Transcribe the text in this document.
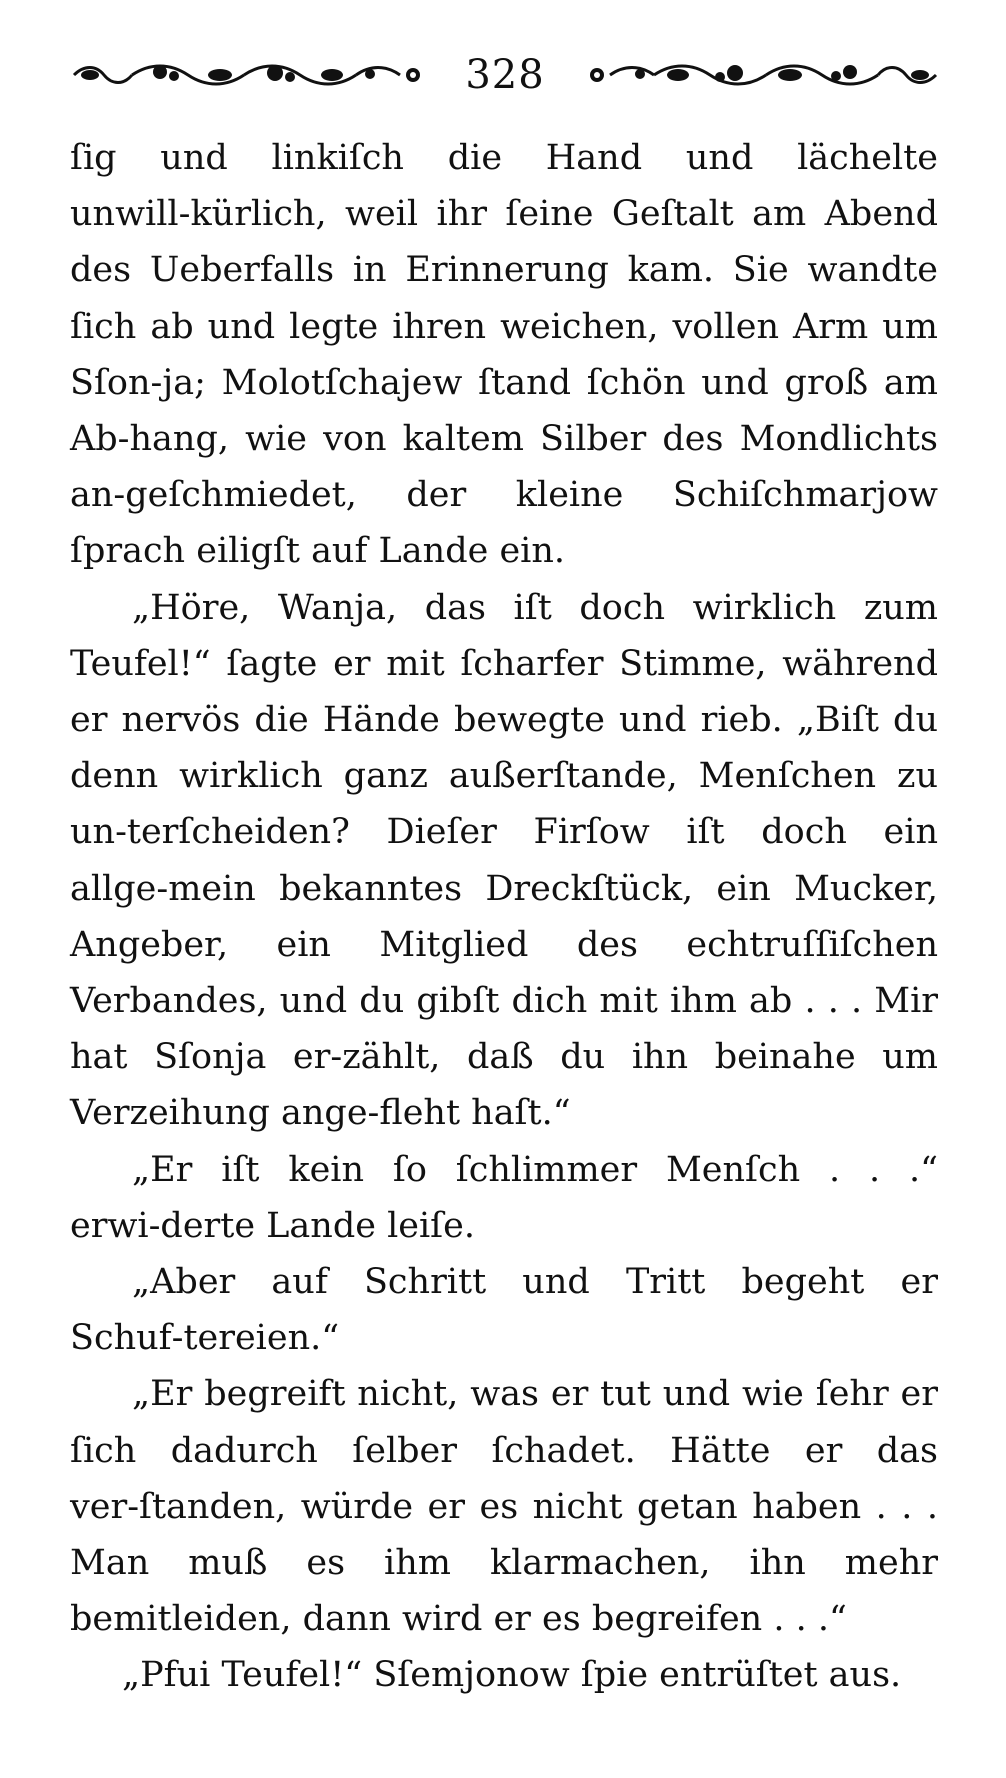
328

ſig und linkiſch die Hand und lächelte unwill‑kürlich, weil ihr ſeine Geſtalt am Abend des Ueberfalls in Erinnerung kam. Sie wandte ſich ab und legte ihren weichen, vollen Arm um Sſon‑ja; Molotſchajew ſtand ſchön und groß am Ab‑hang, wie von kaltem Silber des Mondlichts an‑geſchmiedet, der kleine Schiſchmarjow ſprach eiligſt auf Lande ein.

„Höre, Wanja, das iſt doch wirklich zum Teufel!“ ſagte er mit ſcharfer Stimme, während er nervös die Hände bewegte und rieb. „Biſt du denn wirklich ganz außerſtande, Menſchen zu un‑terſcheiden? Dieſer Firſow iſt doch ein allge‑mein bekanntes Dreckſtück, ein Mucker, Angeber, ein Mitglied des echtruſſiſchen Verbandes, und du gibſt dich mit ihm ab . . . Mir hat Sſonja er‑zählt, daß du ihn beinahe um Verzeihung ange‑fleht haſt.“

„Er iſt kein ſo ſchlimmer Menſch . . .“ erwi‑derte Lande leiſe.

„Aber auf Schritt und Tritt begeht er Schuf‑tereien.“

„Er begreift nicht, was er tut und wie ſehr er ſich dadurch ſelber ſchadet. Hätte er das ver‑ſtanden, würde er es nicht getan haben . . . Man muß es ihm klarmachen, ihn mehr bemitleiden, dann wird er es begreifen . . .“

„Pfui Teufel!“ Sſemjonow ſpie entrüſtet aus.
